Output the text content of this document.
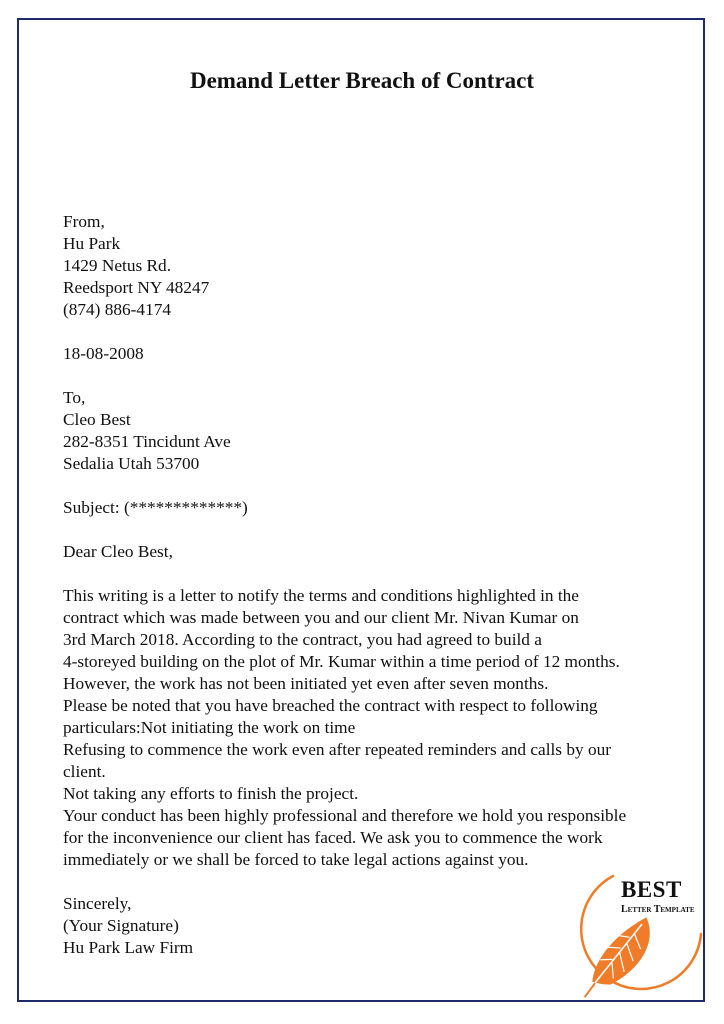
Demand Letter Breach of Contract

From,

Hu Park

1429 Netus Rd.

Reedsport NY 48247

(874) 886-4174

18-08-2008

To,

Cleo Best

282-8351 Tincidunt Ave

Sedalia Utah 53700

Subject: (*************)

Dear Cleo Best,

This writing is a letter to notify the terms and conditions highlighted in the

contract which was made between you and our client Mr. Nivan Kumar on

3rd March 2018. According to the contract, you had agreed to build a

4-storeyed building on the plot of Mr. Kumar within a time period of 12 months.

However, the work has not been initiated yet even after seven months.

Please be noted that you have breached the contract with respect to following

particulars:Not initiating the work on time

Refusing to commence the work even after repeated reminders and calls by our

client.

Not taking any efforts to finish the project.

Your conduct has been highly professional and therefore we hold you responsible

for the inconvenience our client has faced. We ask you to commence the work

immediately or we shall be forced to take legal actions against you.

Sincerely,

(Your Signature)

Hu Park Law Firm

BEST

Letter Template
